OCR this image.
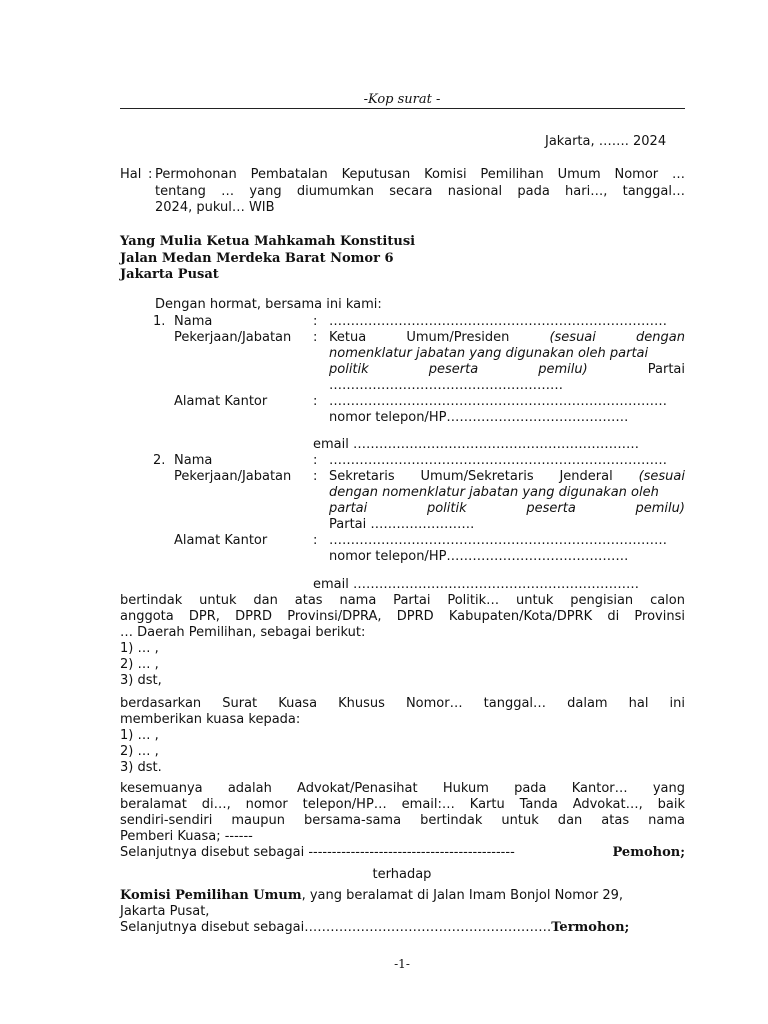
-Kop surat -
Jakarta, ……. 2024
Hal : Permohonan Pembatalan Keputusan Komisi Pemilihan Umum Nomor …
tentang … yang diumumkan secara nasional pada hari…, tanggal…
2024, pukul… WIB
Yang Mulia Ketua Mahkamah Konstitusi
Jalan Medan Merdeka Barat Nomor 6
Jakarta Pusat
Dengan hormat, bersama ini kami:
1. Nama	: ……………………………………………………………………
Pekerjaan/Jabatan : Ketua	Umum/Presiden	(sesuai	dengan
nomenklatur jabatan yang digunakan oleh partai
politik	peserta	pemilu)	Partai
………………………………………………
Alamat Kantor	: ……………………………………………………………………
nomor telepon/HP……………………………………
email …………………………………………………………
2. Nama	: ……………………………………………………………………
Pekerjaan/Jabatan : Sekretaris Umum/Sekretaris Jenderal (sesuai
dengan nomenklatur jabatan yang digunakan oleh
partai	politik	peserta	pemilu)
Partai ……………………
Alamat Kantor	: ……………………………………………………………………
nomor telepon/HP……………………………………
email …………………………………………………………
bertindak untuk dan atas nama Partai Politik… untuk pengisian calon
anggota DPR, DPRD Provinsi/DPRA, DPRD Kabupaten/Kota/DPRK di Provinsi
… Daerah Pemilihan, sebagai berikut:
1) … ,
2) … ,
3) dst,
berdasarkan Surat Kuasa Khusus Nomor… tanggal… dalam hal ini
memberikan kuasa kepada:
1) … ,
2) … ,
3) dst.
kesemuanya adalah Advokat/Penasihat Hukum pada Kantor… yang
beralamat di…, nomor telepon/HP… email:… Kartu Tanda Advokat…, baik
sendiri-sendiri maupun bersama-sama bertindak untuk dan atas nama
Pemberi Kuasa; ------
Selanjutnya disebut sebagai --------------------------------------------	Pemohon;
terhadap
Komisi Pemilihan Umum, yang beralamat di Jalan Imam Bonjol Nomor 29,
Jakarta Pusat,
Selanjutnya disebut sebagai…………………………………………………Termohon;
-1-
